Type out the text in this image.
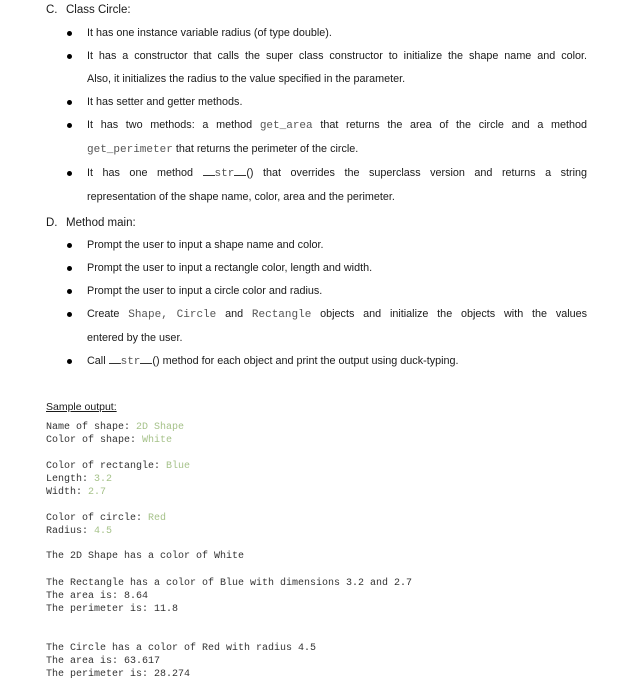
C. Class Circle:
It has one instance variable radius (of type double).
It has a constructor that calls the super class constructor to initialize the shape name and color.
Also, it initializes the radius to the value specified in the parameter.
It has setter and getter methods.
It has two methods: a method get_area that returns the area of the circle and a method
get_perimeter that returns the perimeter of the circle.
It has one method str () that overrides the superclass version and returns a string
representation of the shape name, color, area and the perimeter.
D. Method main:
Prompt the user to input a shape name and color.
Prompt the user to input a rectangle color, length and width.
Prompt the user to input a circle color and radius.
Create Shape, Circle and Rectangle objects and initialize the objects with the values
entered by the user.
Call str () method for each object and print the output using duck-typing.
Sample output:
Name of shape: 2D Shape
Color of shape: White
Color of rectangle: Blue
Length: 3.2
Width: 2.7
Color of circle: Red
Radius: 4.5
The 2D Shape has a color of White
The Rectangle has a color of Blue with dimensions 3.2 and 2.7
The area is: 8.64
The perimeter is: 11.8
The Circle has a color of Red with radius 4.5
The area is: 63.617
The perimeter is: 28.274
